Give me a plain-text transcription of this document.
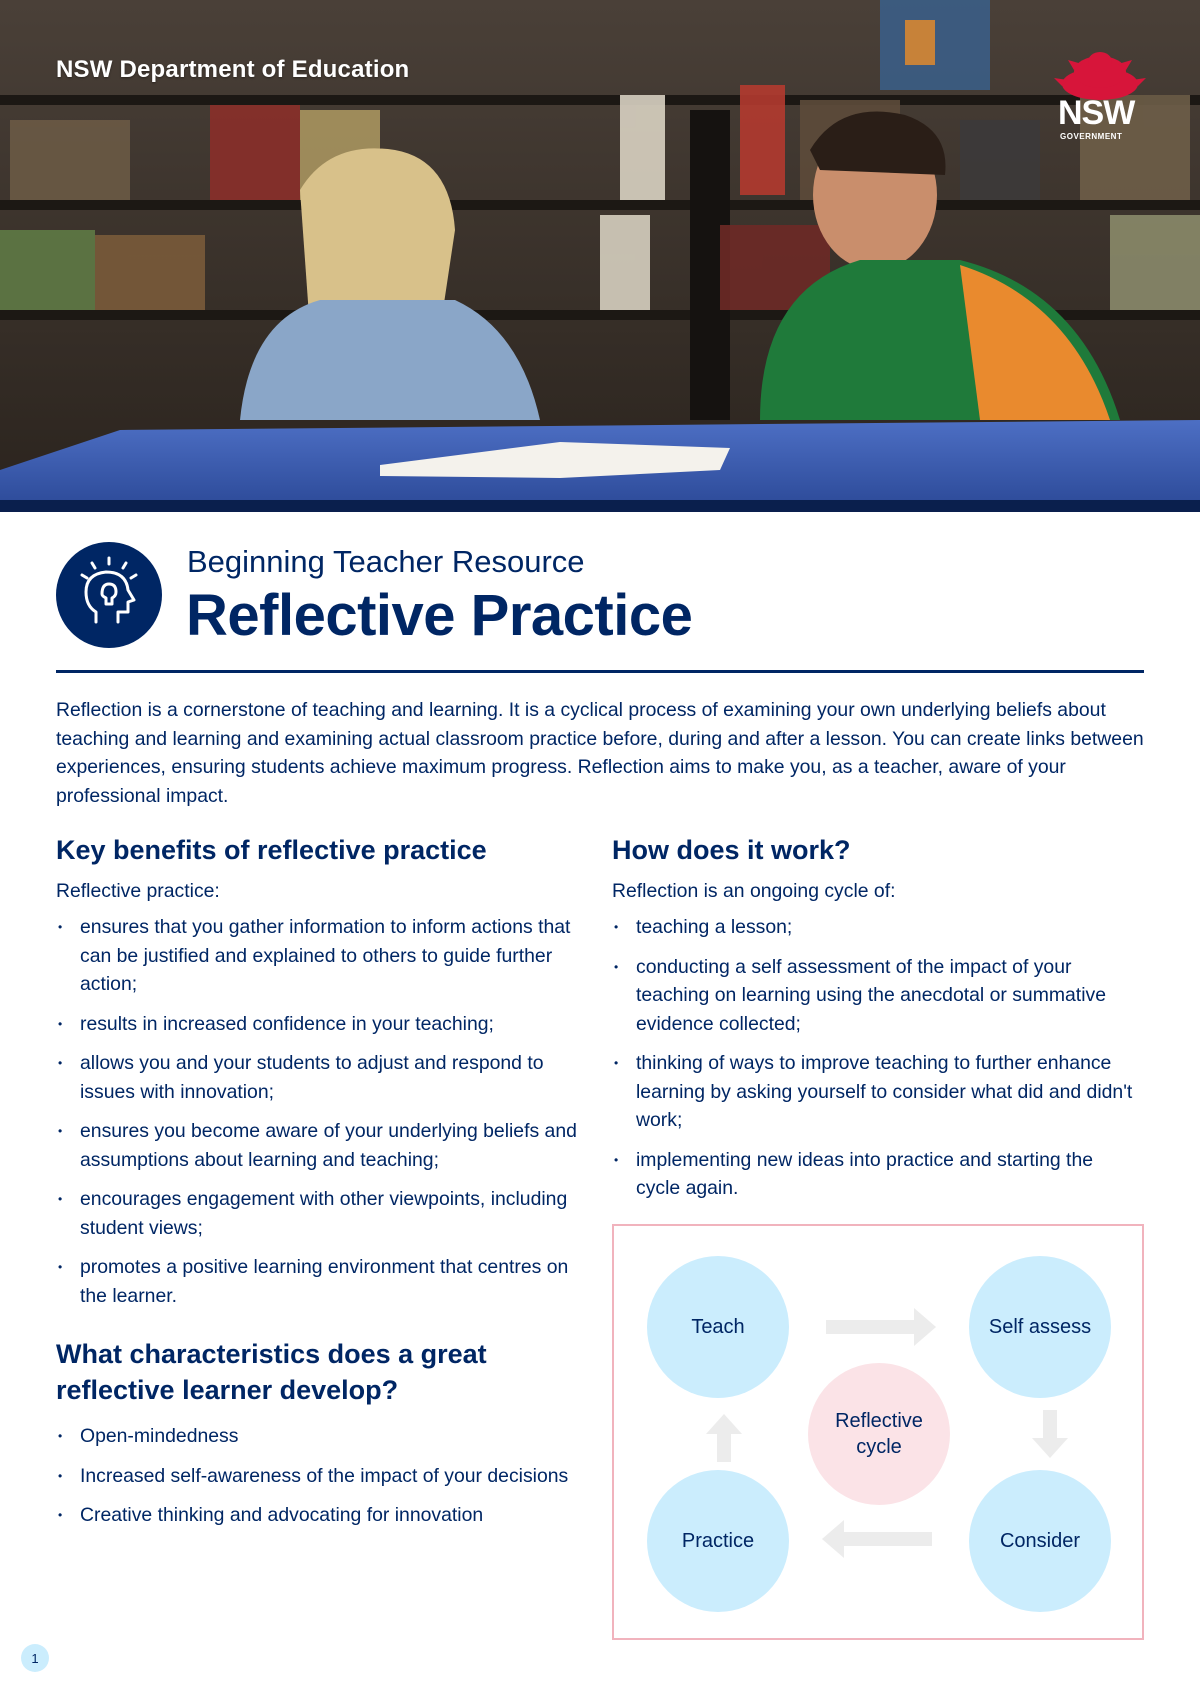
NSW Department of Education
NSW
GOVERNMENT
Beginning Teacher Resource
Reflective Practice

Reflection is a cornerstone of teaching and learning. It is a cyclical process of examining your own underlying beliefs about teaching and learning and examining actual classroom practice before, during and after a lesson. You can create links between experiences, ensuring students achieve maximum progress. Reflection aims to make you, as a teacher, aware of your professional impact.

Key benefits of reflective practice

Reflective practice:

• ensures that you gather information to inform actions that can be justified and explained to others to guide further action;
• results in increased confidence in your teaching;
• allows you and your students to adjust and respond to issues with innovation;
• ensures you become aware of your underlying beliefs and assumptions about learning and teaching;
• encourages engagement with other viewpoints, including student views;
• promotes a positive learning environment that centres on the learner.
What characteristics does a great reflective learner develop?
• Open-mindedness
• Increased self-awareness of the impact of your decisions
• Creative thinking and advocating for innovation
How does it work?

Reflection is an ongoing cycle of:

• teaching a lesson;
• conducting a self assessment of the impact of your teaching on learning using the anecdotal or summative evidence collected;
• thinking of ways to improve teaching to further enhance learning by asking yourself to consider what did and didn't work;
• implementing new ideas into practice and starting the cycle again.
Teach	Self assess
Reflective
cycle
Practice	Consider
1
